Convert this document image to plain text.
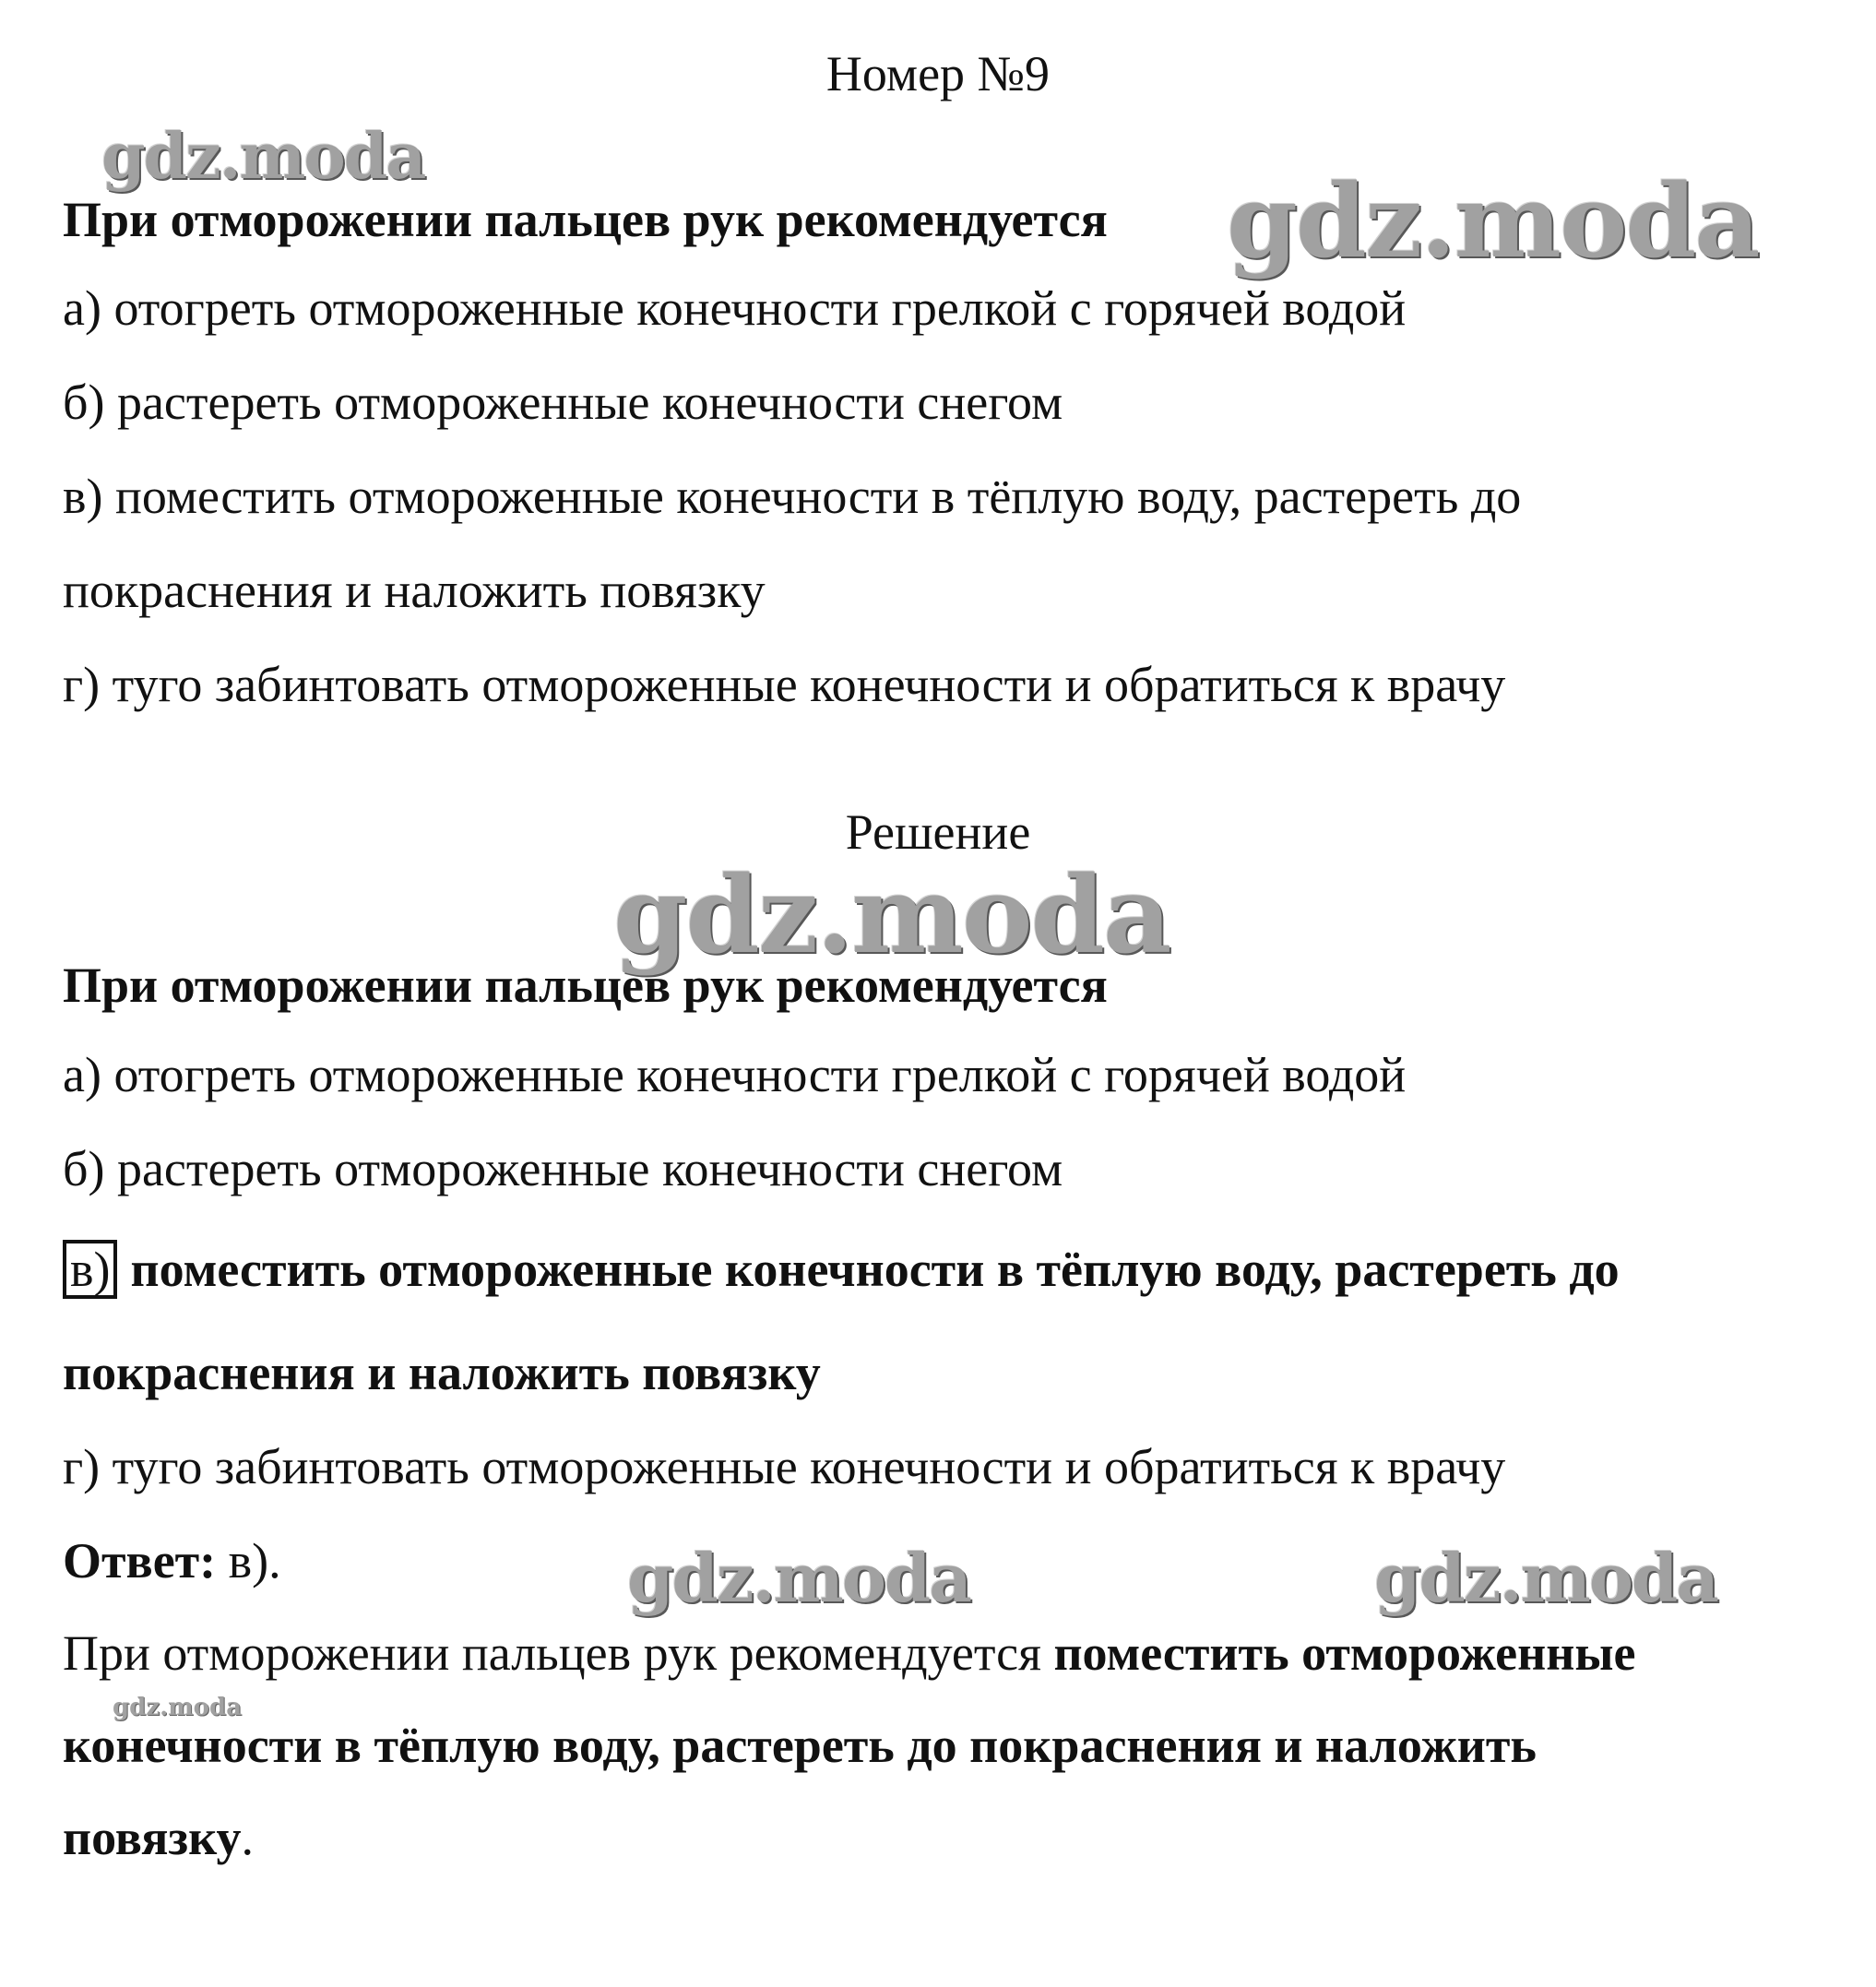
Номер №9
При отморожении пальцев рук рекомендуется
а) отогреть отмороженные конечности грелкой с горячей водой
б) растереть отмороженные конечности снегом
в) поместить отмороженные конечности в тёплую воду, растереть до
покраснения и наложить повязку
г) туго забинтовать отмороженные конечности и обратиться к врачу
Решение
При отморожении пальцев рук рекомендуется
а) отогреть отмороженные конечности грелкой с горячей водой
б) растереть отмороженные конечности снегом
в) поместить отмороженные конечности в тёплую воду, растереть до
покраснения и наложить повязку
г) туго забинтовать отмороженные конечности и обратиться к врачу
Ответ: в).
При отморожении пальцев рук рекомендуется поместить отмороженные
конечности в тёплую воду, растереть до покраснения и наложить
повязку.
gdz.moda
gdz.moda
gdz.moda
gdz.moda	gdz.moda
gdz.moda
